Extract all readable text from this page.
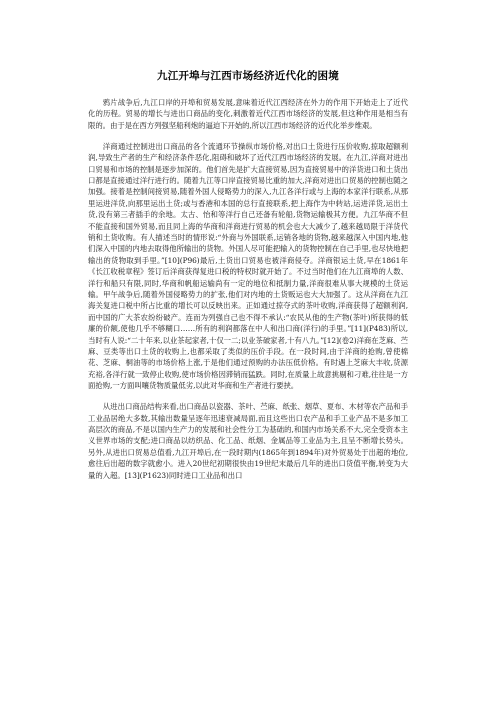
九江开埠与江西市场经济近代化的困境

鸦片战争后,九江口岸的开埠和贸易发展,意味着近代江西经济在外力的作用下开始走上了近代化的历程。贸易的增长与进出口商品的变化,刺激着近代江西市场经济的发展,但这种作用是相当有限的。由于是在西方列强坚船利炮的逼迫下开始的,所以江西市场经济的近代化举步维艰。

洋商通过控制进出口商品的各个流通环节操纵市场价格,对出口土货进行压价收购,掠取超额利润,导致生产者的生产和经济条件恶化,阻碍和破坏了近代江西市场经济的发展。在九江,洋商对进出口贸易和市场的控制是逐步加深的。他们首先是扩大直接贸易,因为直接贸易中的洋货进口和土货出口都是直接通过洋行进行的。随着九江等口岸直接贸易比重的加大,洋商对进出口贸易的控制也随之加强。接着是控制间接贸易,随着外国人侵略势力的深入,九江各洋行或与上海的本家洋行联系,从那里运进洋货,向那里运出土货;或与香港和本国的总行直接联系,把上海作为中转站,运进洋货,运出土货,没有第三者插手的余地。太古、怡和等洋行自己还备有轮船,货物运输极其方便。九江华商不但不能直接和国外贸易,而且同上海的华商和洋商进行贸易的机会也大大减少了,越来越局限于洋货代销和土货收购。有人描述当时的情形说:“外商与外国联系,运销各地的货物,越来越深入中国内地,他们深入中国的内地去取得他所输出的货物。外国人尽可能把输入的货物控制在自己手里,也尽快地把输出的货物取到手里。”[10](P96)最后,土货出口贸易也被洋商侵夺。洋商银运土货,早在1861年《长江收税章程》签订后洋商获得复进口税的特权时就开始了。不过当时他们在九江商埠的人数、洋行和船只有限,同时,华商和帆船运输尚有一定的地位和抵制力量,洋商很难从事大规模的土货运输。甲午战争后,随着外国侵略势力的扩张,他们对内地的土货贩运也大大加强了。这从洋商在九江海关复进口税中所占比重的增长可以反映出来。正如通过掠夺式的茶叶收购,洋商获得了超额利润,而中国的广大茶农纷纷破产。连而为列强自己也不得不承认:“农民从他的生产物(茶叶)所获得的低廉的价额,使他几乎不够糊口……所有的利润都落在中人和出口商(洋行)的手里。”[11](P483)所以,当时有人说:“二十年来,以业茶起家者,十仅一二;以业茶破家者,十有八九。”[12](卷2)洋商在芝麻、苎麻、豆类等出口土货的收购上,也都采取了类似的压价手段。在一段时间,由于洋商的抢购,曾使棉花、芝麻、桐油等的市场价格上涨,于是他们通过预购的办法压低价格。有时遇上芝麻大丰收,货源充裕,各洋行就一致停止收购,使市场价格因滞销而猛跌。同时,在质量上故意挑剔和刁难,往往是一方面抢购,一方面叫嚷货物质量低劣,以此对华商和生产者进行要挟。

从进出口商品结构来看,出口商品以瓷器、茶叶、苎麻、纸张、烟草、夏布、木材等农产品和手工业品居绝大多数,其输出数量呈逐年迅速衰减局面,而且这些出口农产品和手工业产品不是多加工高层次的商品,不是以国内生产力的发展和社会性分工为基础的,和国内市场关系不大,完全受资本主义世界市场的支配;进口商品以纺织品、化工品、纸烟、金属品等工业品为主,且呈不断增长势头。另外,从进出口贸易总值看,九江开埠后,在一段时期内(1865年到1894年)对外贸易处于出超的地位,愈往后出超的数字就愈小。进入20世纪初期很快由19世纪末最后几年的进出口货值平衡,转变为大量的入超。[13](P1623)同时进口工业品和出口
